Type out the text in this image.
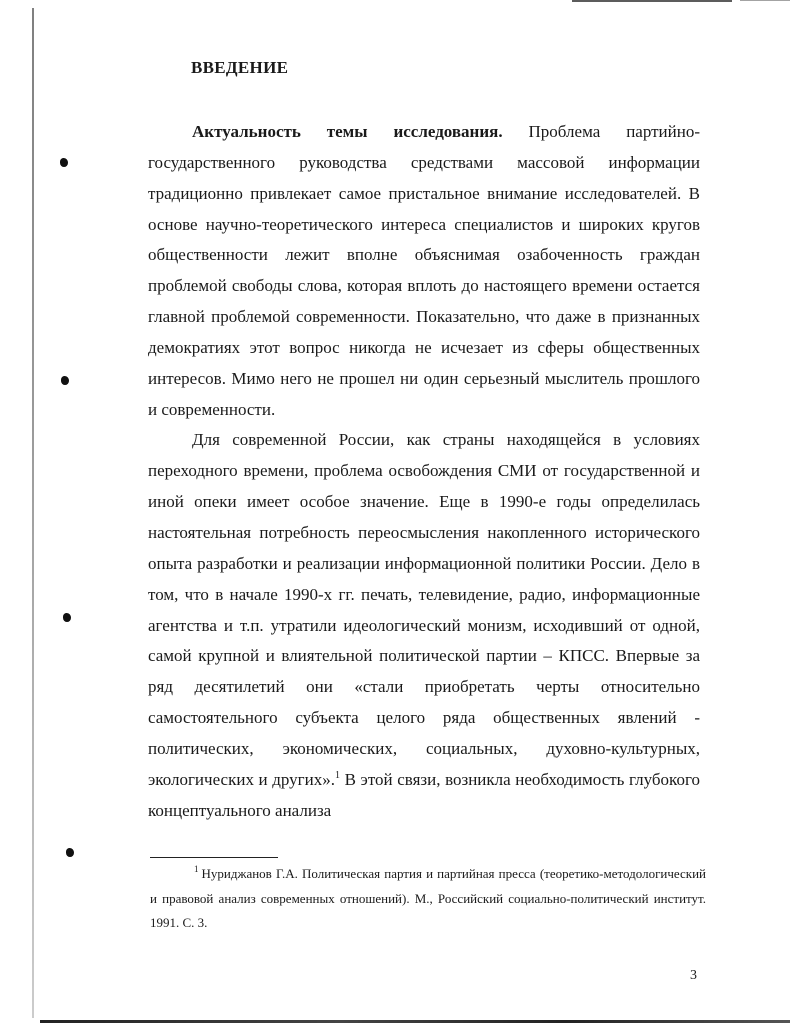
ВВЕДЕНИЕ

Актуальность темы исследования. Проблема партийно-государственного руководства средствами массовой информации традиционно привлекает самое пристальное внимание исследователей. В основе научно-теоретического интереса специалистов и широких кругов общественности лежит вполне объяснимая озабоченность граждан проблемой свободы слова, которая вплоть до настоящего времени остается главной проблемой современности. Показательно, что даже в признанных демократиях этот вопрос никогда не исчезает из сферы общественных интересов. Мимо него не прошел ни один серьезный мыслитель прошлого и современности.

Для современной России, как страны находящейся в условиях переходного времени, проблема освобождения СМИ от государственной и иной опеки имеет особое значение. Еще в 1990-е годы определилась настоятельная потребность переосмысления накопленного исторического опыта разработки и реализации информационной политики России. Дело в том, что в начале 1990-х гг. печать, телевидение, радио, информационные агентства и т.п. утратили идеологический монизм, исходивший от одной, самой крупной и влиятельной политической партии – КПСС. Впервые за ряд десятилетий они «стали приобретать черты относительно самостоятельного субъекта целого ряда общественных явлений - политических, экономических, социальных, духовно-культурных, экологических и других».$^1$ В этой связи, возникла необходимость глубокого концептуального анализа

$^1$ Нуриджанов Г.А. Политическая партия и партийная пресса (теоретико-методологический и правовой анализ современных отношений). М., Российский социально-политический институт. 1991. С. 3.

3
